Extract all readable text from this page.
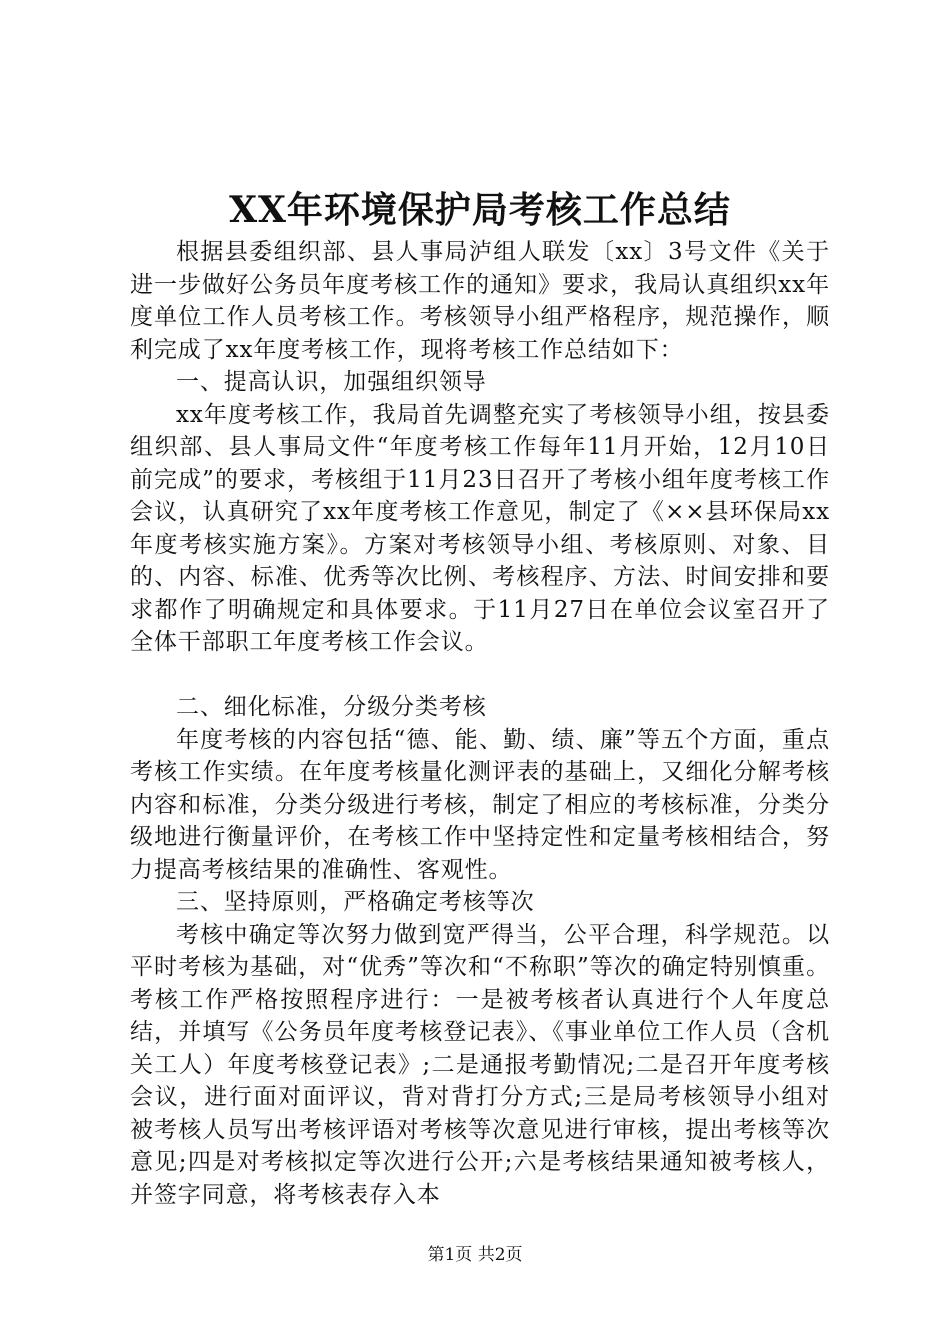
XX年环境保护局考核工作总结

根据县委组织部、县人事局泸组人联发〔xx〕3号文件《关于进一步做好公务员年度考核工作的通知》要求，我局认真组织xx年度单位工作人员考核工作。考核领导小组严格程序，规范操作，顺利完成了xx年度考核工作，现将考核工作总结如下：

一、提高认识，加强组织领导

xx年度考核工作，我局首先调整充实了考核领导小组，按县委组织部、县人事局文件“年度考核工作每年11月开始，12月10日前完成”的要求，考核组于11月23日召开了考核小组年度考核工作会议，认真研究了xx年度考核工作意见，制定了《××县环保局xx年度考核实施方案》。方案对考核领导小组、考核原则、对象、目的、内容、标准、优秀等次比例、考核程序、方法、时间安排和要求都作了明确规定和具体要求。于11月27日在单位会议室召开了全体干部职工年度考核工作会议。

二、细化标准，分级分类考核

年度考核的内容包括“德、能、勤、绩、廉”等五个方面，重点考核工作实绩。在年度考核量化测评表的基础上，又细化分解考核内容和标准，分类分级进行考核，制定了相应的考核标准，分类分级地进行衡量评价，在考核工作中坚持定性和定量考核相结合，努力提高考核结果的准确性、客观性。

三、坚持原则，严格确定考核等次

考核中确定等次努力做到宽严得当，公平合理，科学规范。以平时考核为基础，对“优秀”等次和“不称职”等次的确定特别慎重。考核工作严格按照程序进行：一是被考核者认真进行个人年度总结，并填写《公务员年度考核登记表》、《事业单位工作人员（含机关工人）年度考核登记表》;二是通报考勤情况;二是召开年度考核会议，进行面对面评议，背对背打分方式;三是局考核领导小组对被考核人员写出考核评语对考核等次意见进行审核，提出考核等次意见;四是对考核拟定等次进行公开;六是考核结果通知被考核人，并签字同意，将考核表存入本

第1页 共2页
